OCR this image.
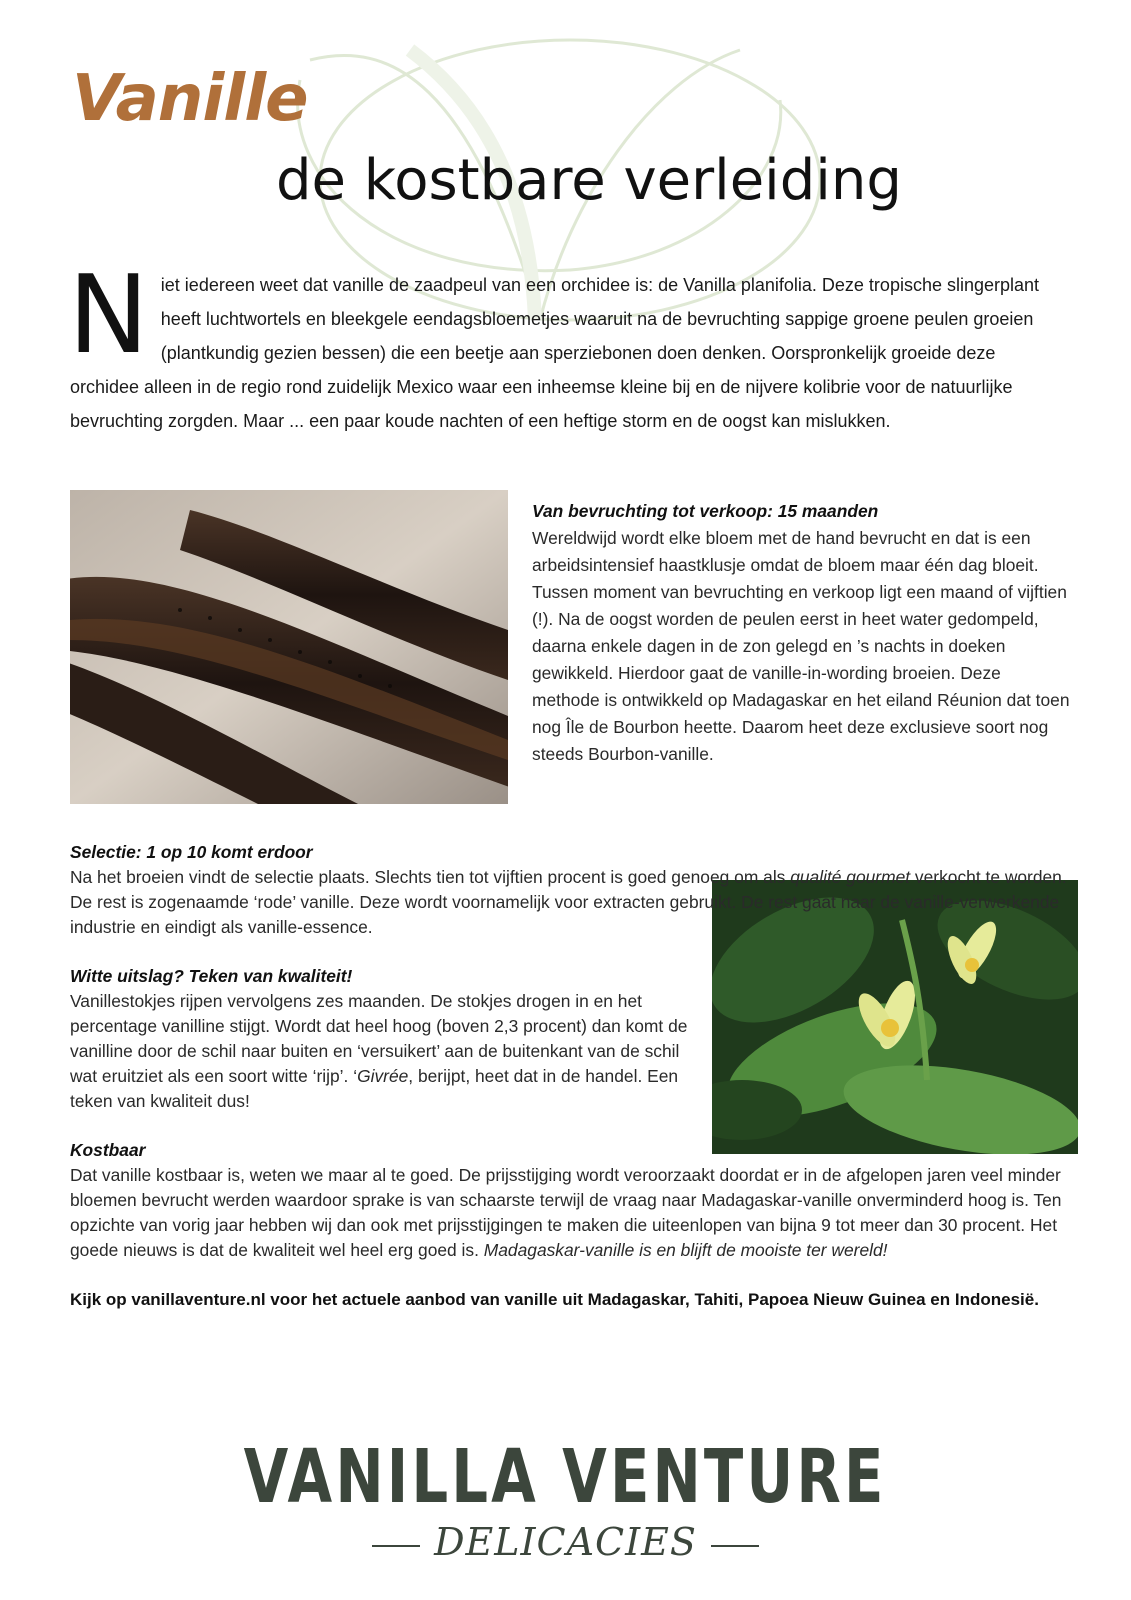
Vanille
de kostbare verleiding
N iet iedereen weet dat vanille de zaadpeul van een orchidee is: de Vanilla planifolia. Deze tropische slingerplant heeft luchtwortels en bleekgele eendagsbloemetjes waaruit na de bevruchting sappige groene peulen groeien (plantkundig gezien bessen) die een beetje aan sperziebonen doen denken. Oorspronkelijk groeide deze orchidee alleen in de regio rond zuidelijk Mexico waar een inheemse kleine bij en de nijvere kolibrie voor de natuurlijke bevruchting zorgden. Maar ... een paar koude nachten of een heftige storm en de oogst kan mislukken.
Van bevruchting tot verkoop: 15 maanden
Wereldwijd wordt elke bloem met de hand bevrucht en dat is een arbeidsintensief haastklusje omdat de bloem maar één dag bloeit. Tussen moment van bevruchting en verkoop ligt een maand of vijftien (!). Na de oogst worden de peulen eerst in heet water gedompeld, daarna enkele dagen in de zon gelegd en ’s nachts in doeken gewikkeld. Hierdoor gaat de vanille-in-wording broeien. Deze methode is ontwikkeld op Madagaskar en het eiland Réunion dat toen nog Île de Bourbon heette. Daarom heet deze exclusieve soort nog steeds Bourbon-vanille.

Selectie: 1 op 10 komt erdoor
Na het broeien vindt de selectie plaats. Slechts tien tot vijftien procent is goed genoeg om als qualité gourmet verkocht te worden. De rest is zogenaamde ‘rode’ vanille. Deze wordt voornamelijk voor extracten gebruikt. De rest gaat naar de vanille-verwerkende industrie en eindigt als vanille-essence.

Witte uitslag? Teken van kwaliteit!
Vanillestokjes rijpen vervolgens zes maanden. De stokjes drogen in en het percentage vanilline stijgt. Wordt dat heel hoog (boven 2,3 procent) dan komt de vanilline door de schil naar buiten en ‘versuikert’ aan de buitenkant van de schil wat eruitziet als een soort witte ‘rijp’. ‘Givrée, berijpt, heet dat in de handel. Een teken van kwaliteit dus!

Kostbaar
Dat vanille kostbaar is, weten we maar al te goed. De prijsstijging wordt veroorzaakt doordat er in de afgelopen jaren veel minder bloemen bevrucht werden waardoor sprake is van schaarste terwijl de vraag naar Madagaskar-vanille onverminderd hoog is. Ten opzichte van vorig jaar hebben wij dan ook met prijsstijgingen te maken die uiteenlopen van bijna 9 tot meer dan 30 procent. Het goede nieuws is dat de kwaliteit wel heel erg goed is. Madagaskar-vanille is en blijft de mooiste ter wereld!

Kijk op vanillaventure.nl voor het actuele aanbod van vanille uit Madagaskar, Tahiti, Papoea Nieuw Guinea en Indonesië.

VANILLA VENTURE
DELICACIES
